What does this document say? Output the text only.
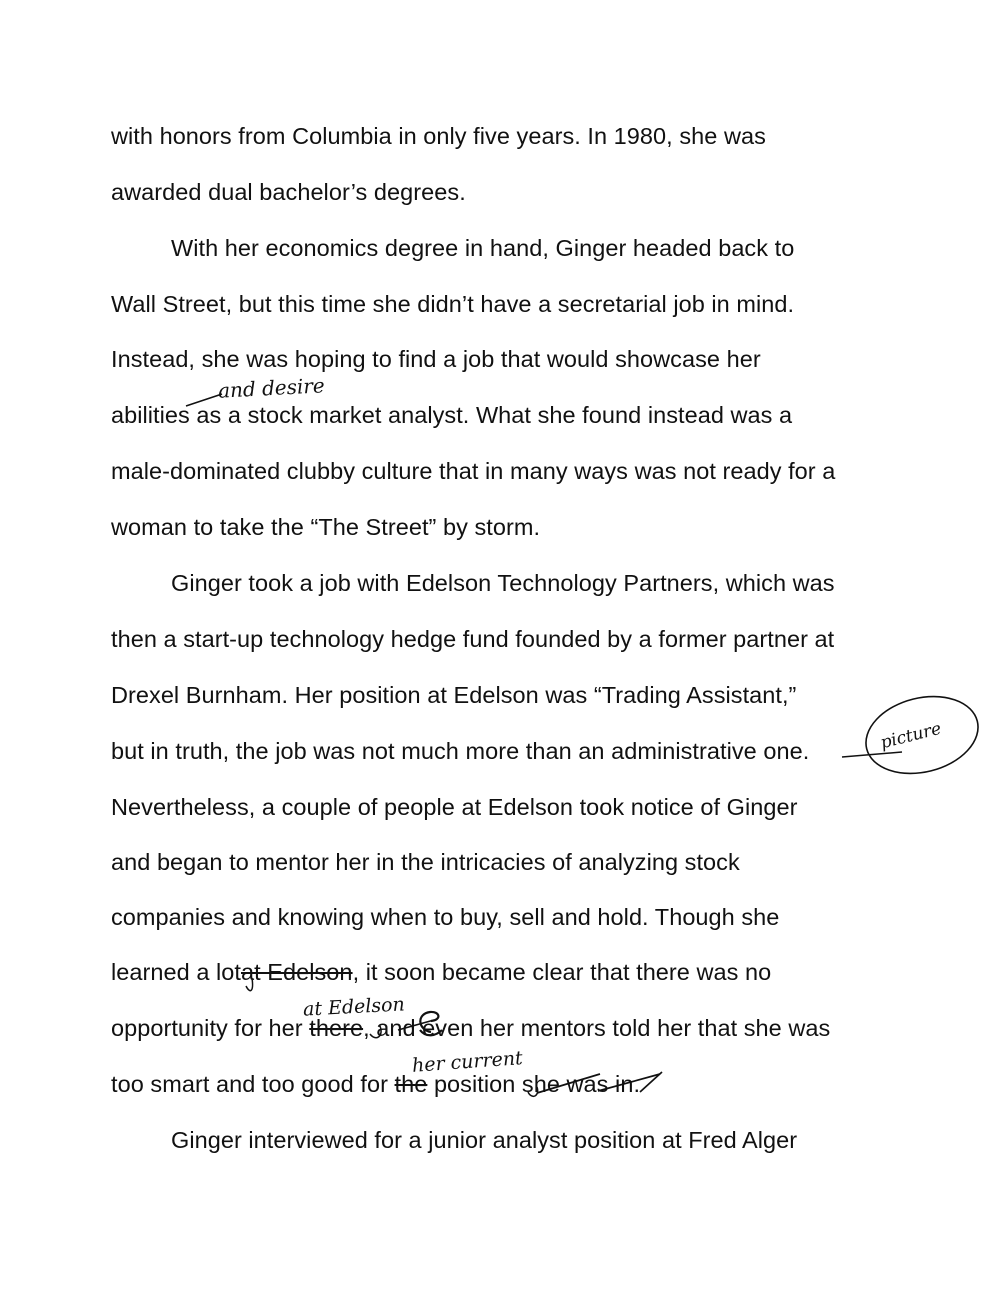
with honors from Columbia in only five years. In 1980, she was
awarded dual bachelor’s degrees.
With her economics degree in hand, Ginger headed back to
Wall Street, but this time she didn’t have a secretarial job in mind.
Instead, she was hoping to find a job that would showcase her
abilities as a stock market analyst. What she found instead was a
male-dominated clubby culture that in many ways was not ready for a
woman to take the “The Street” by storm.
Ginger took a job with Edelson Technology Partners, which was
then a start-up technology hedge fund founded by a former partner at
Drexel Burnham. Her position at Edelson was “Trading Assistant,”
but in truth, the job was not much more than an administrative one.
Nevertheless, a couple of people at Edelson took notice of Ginger
and began to mentor her in the intricacies of analyzing stock
companies and knowing when to buy, sell and hold. Though she
learned a lotat Edelson, it soon became clear that there was no
opportunity for her there, and even her mentors told her that she was
too smart and too good for the position she was in.
Ginger interviewed for a junior analyst position at Fred Alger
and desire
picture
at Edelson
her current
